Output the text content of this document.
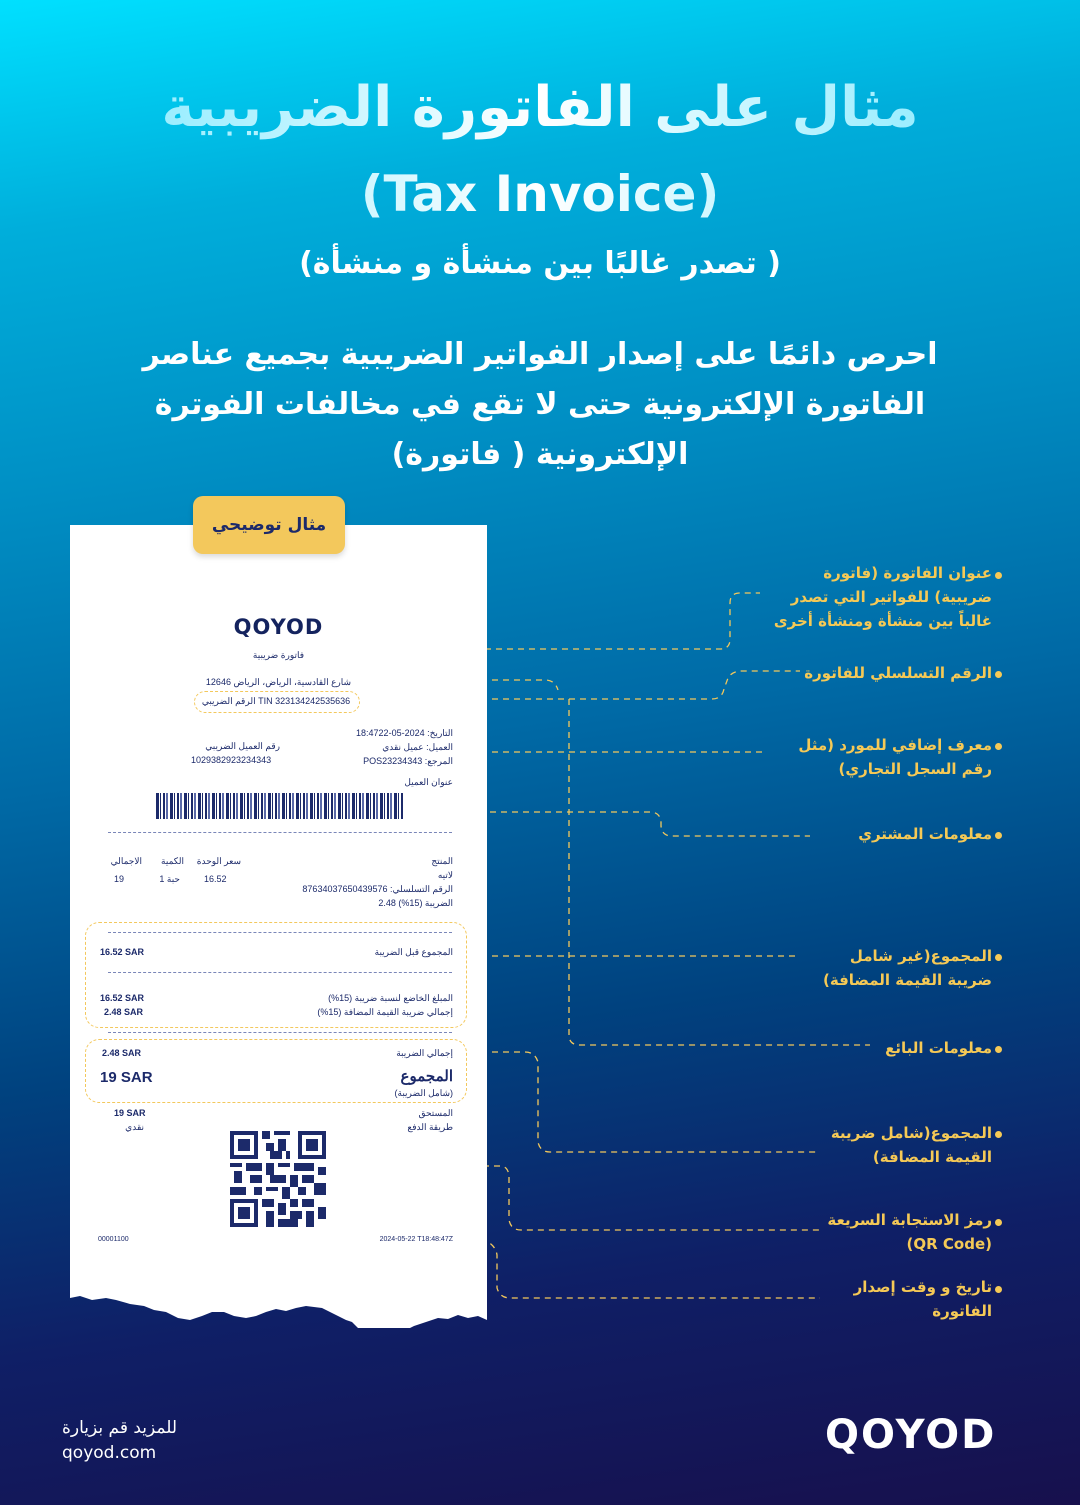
مثال على الفاتورة الضريبية
(Tax Invoice)
( تصدر غالبًا بين منشأة و منشأة)
احرص دائمًا على إصدار الفواتير الضريبية بجميع عناصر الفاتورة الإلكترونية حتى لا تقع في مخالفات الفوترة الإلكترونية ( فاتورة)
QOYOD
فاتورة ضريبية
شارع القادسية، الرياض، الرياض 12646
الرقم الضريبي TIN 323134242535636
التاريخ: 2024-05-18:4722
العميل: عميل نقدي
المرجع: POS23234343
رقم العميل الضريبي
1029382923234343
عنوان العميل
المنتج
سعر الوحدة
الكمية
الاجمالي
لاتيه
16.52
حبة 1
19
الرقم التسلسلي: 87634037650439576
الضريبة (15%) 2.48
المجموع قبل الضريبة
16.52 SAR
المبلغ الخاضع لنسبة ضريبة (15%)
16.52 SAR
إجمالي ضريبة القيمة المضافة (15%)
2.48 SAR
إجمالي الضريبة
2.48 SAR
المجموع
19 SAR
(شامل الضريبة)
المستحق
19 SAR
طريقة الدفع
نقدي
00001100	2024-05-22 T18:48:47Z
مثال توضيحي
عنوان الفاتورة (فاتورة ضريبية) للفواتير التي تصدر غالباً بين منشأة ومنشأة أخرى
الرقم التسلسلي للفاتورة
معرف إضافي للمورد (مثل رقم السجل التجاري)
معلومات المشتري
المجموع(غير شامل ضريبة القيمة المضافة)
معلومات البائع
المجموع(شامل ضريبة القيمة المضافة)
رمز الاستجابة السريعة (QR Code)
تاريخ و وقت إصدار الفاتورة
للمزيد قم بزيارة
qoyod.com	QOYOD
